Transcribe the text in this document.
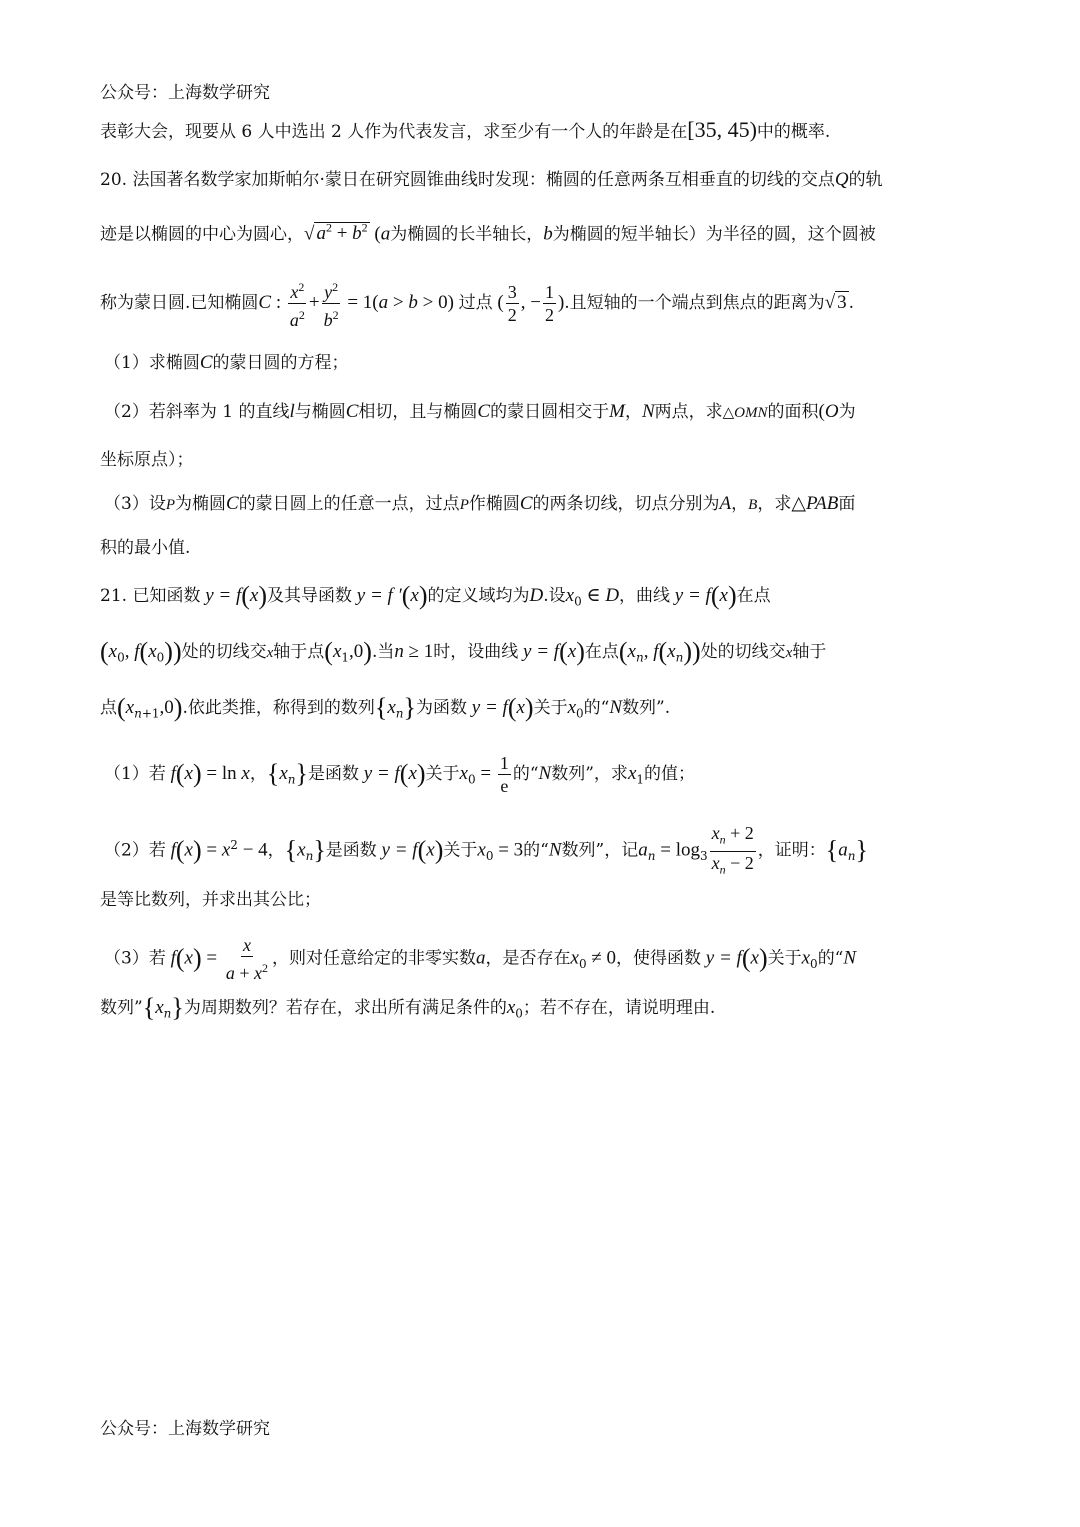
公众号：上海数学研究
表彰大会，现要从 6 人中选出 2 人作为代表发言，求至少有一个人的年龄是在[35, 45)中的概率.
20. 法国著名数学家加斯帕尔·蒙日在研究圆锥曲线时发现：椭圆的任意两条互相垂直的切线的交点Q的轨
迹是以椭圆的中心为圆心，√ $a^2 + b^2$ (a为椭圆的长半轴长，b为椭圆的短半轴长）为半径的圆，这个圆被
称为蒙日圆.已知椭圆C : $\frac{x^2}{a^2} + \frac{y^2}{b^2} = 1(a > b > 0)$ 过点 ( $\frac{3}{2}$ , − $\frac{1}{2}$ ).且短轴的一个端点到焦点的距离为√ 3 .
（1）求椭圆C的蒙日圆的方程；
（2）若斜率为 1 的直线l与椭圆C相切，且与椭圆C的蒙日圆相交于M，N两点，求△OMN的面积(O为
坐标原点）；
（3）设P为椭圆C的蒙日圆上的任意一点，过点P作椭圆C的两条切线，切点分别为A，B，求△PAB面
积的最小值.
21. 已知函数 y = f(x)及其导函数 y = f ′(x)的定义域均为D.设$x_0$ ∈ D，曲线 y = f(x)在点
($x_0$, $f(x_0)$)处的切线交x轴于点$(x_1,0)$.当n ≥ 1时，设曲线 y = f(x)在点($x_n$, $f(x_n)$)处的切线交x轴于
点$(x_{n+1},0)$.依此类推，称得到的数列$\{x_n\}$为函数 y = f(x)关于$x_0$的“N数列”.
（1）若 f(x) = ln x，$\{x_n\}$是函数 y = f(x)关于$x_0 = \frac{1}{e}$ 的“N数列”，求$x_1$的值；
（2）若 $f(x) = x^2 - 4$，$\{x_n\}$是函数 y = f(x)关于$x_0 = 3$的“N数列”，记$a_n = \log_3 \frac{x_n + 2}{x_n - 2}$ ，证明：$\{a_n\}$
是等比数列，并求出其公比；
（3）若 $f(x) = \frac{x}{a + x^2}$ ，则对任意给定的非零实数a，是否存在$x_0 \ne 0$，使得函数 y = f(x)关于$x_0$的“N
数列$”\{x_n\}$为周期数列？若存在，求出所有满足条件的$x_0$；若不存在，请说明理由.
公众号：上海数学研究
